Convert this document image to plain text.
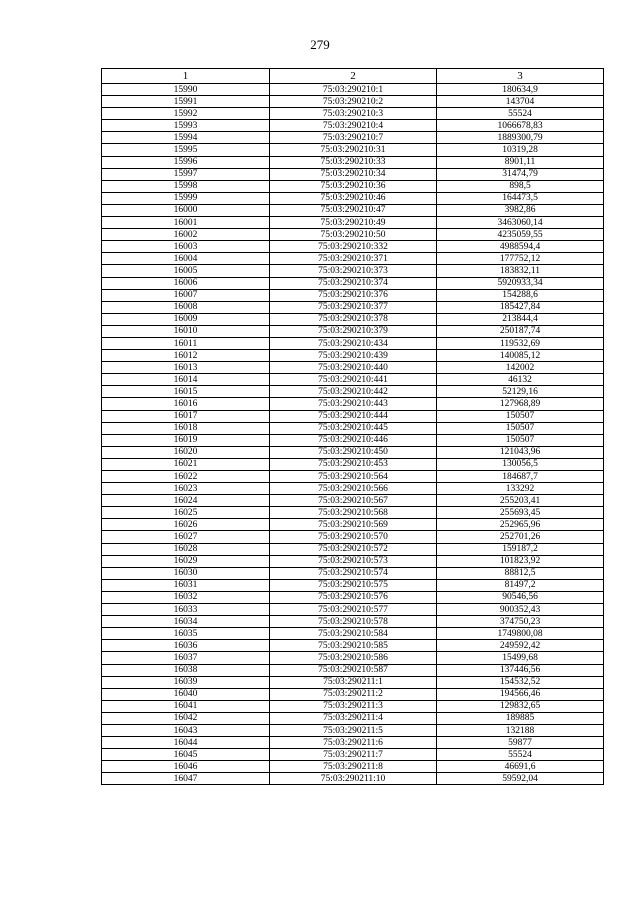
279
1	2	3
15990	75:03:290210:1	180634,9
15991	75:03:290210:2	143704
15992	75:03:290210:3	55524
15993	75:03:290210:4	1066678,83
15994	75:03:290210:7	1889300,79
15995	75:03:290210:31	10319,28
15996	75:03:290210:33	8901,11
15997	75:03:290210:34	31474,79
15998	75:03:290210:36	898,5
15999	75:03:290210:46	164473,5
16000	75:03:290210:47	3982,86
16001	75:03:290210:49	3463060,14
16002	75:03:290210:50	4235059,55
16003	75:03:290210:332	4988594,4
16004	75:03:290210:371	177752,12
16005	75:03:290210:373	183832,11
16006	75:03:290210:374	5920933,34
16007	75:03:290210:376	154288,6
16008	75:03:290210:377	185427,84
16009	75:03:290210:378	213844,4
16010	75:03:290210:379	250187,74
16011	75:03:290210:434	119532,69
16012	75:03:290210:439	140085,12
16013	75:03:290210:440	142002
16014	75:03:290210:441	46132
16015	75:03:290210:442	52129,16
16016	75:03:290210:443	127968,89
16017	75:03:290210:444	150507
16018	75:03:290210:445	150507
16019	75:03:290210:446	150507
16020	75:03:290210:450	121043,96
16021	75:03:290210:453	130056,5
16022	75:03:290210:564	184687,7
16023	75:03:290210:566	133292
16024	75:03:290210:567	255203,41
16025	75:03:290210:568	255693,45
16026	75:03:290210:569	252965,96
16027	75:03:290210:570	252701,26
16028	75:03:290210:572	159187,2
16029	75:03:290210:573	101823,92
16030	75:03:290210:574	88812,5
16031	75:03:290210:575	81497,2
16032	75:03:290210:576	90546,56
16033	75:03:290210:577	900352,43
16034	75:03:290210:578	374750,23
16035	75:03:290210:584	1749800,08
16036	75:03:290210:585	249592,42
16037	75:03:290210:586	15499,68
16038	75:03:290210:587	137446,56
16039	75:03:290211:1	154532,52
16040	75:03:290211:2	194566,46
16041	75:03:290211:3	129832,65
16042	75:03:290211:4	189885
16043	75:03:290211:5	132188
16044	75:03:290211:6	59877
16045	75:03:290211:7	55524
16046	75:03:290211:8	46691,6
16047	75:03:290211:10	59592,04
